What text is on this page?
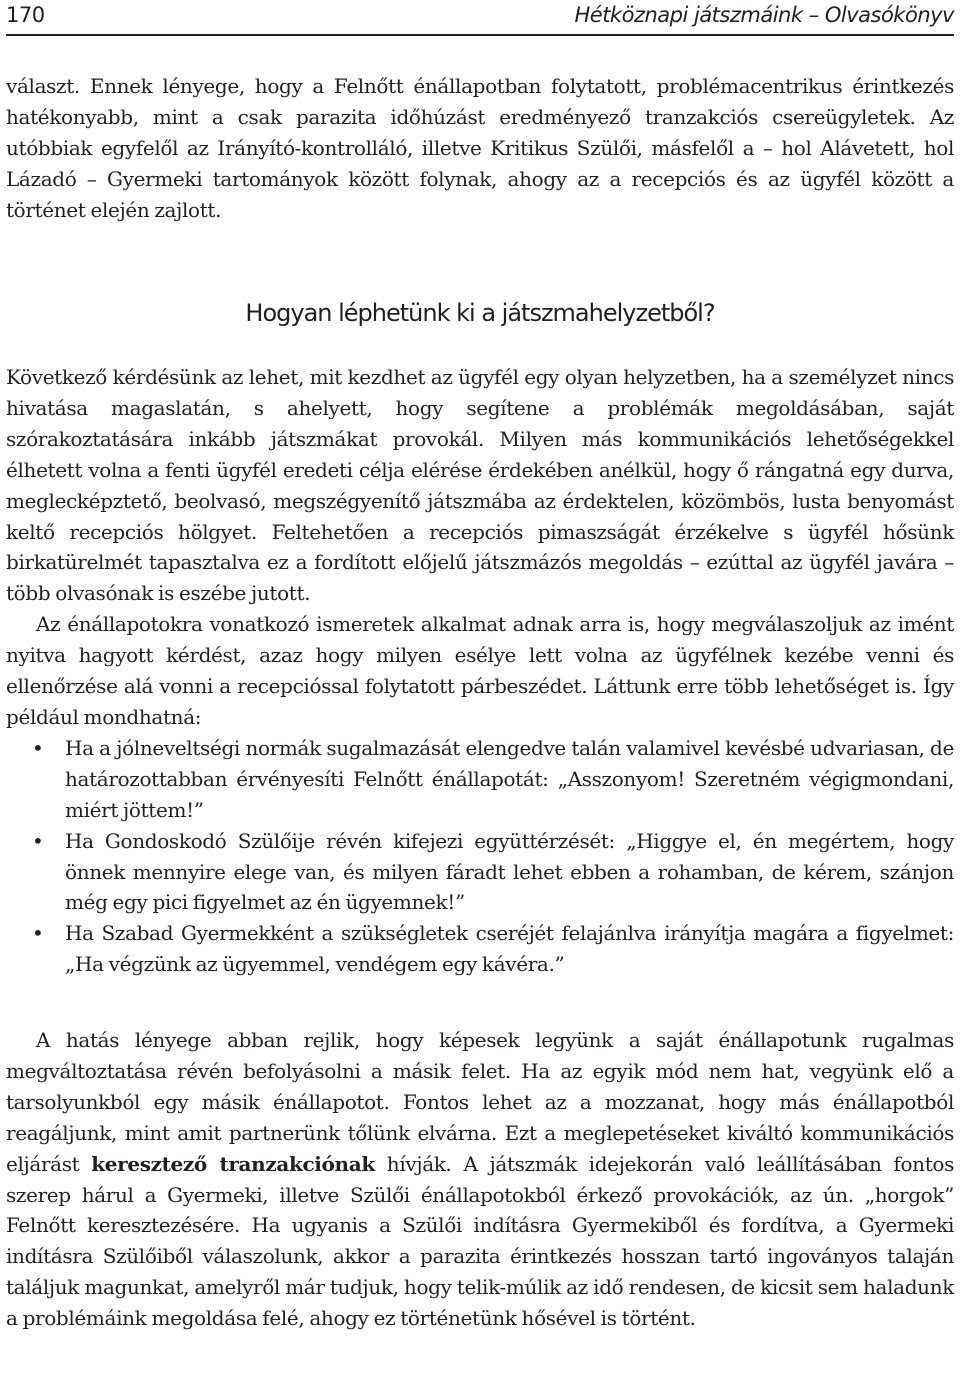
170	Hétköznapi játszmáink – Olvasókönyv

választ. Ennek lényege, hogy a Felnőtt énállapotban folytatott, problémacentrikus érintkezés hatékonyabb, mint a csak parazita időhúzást eredményező tranzakciós csereügyletek. Az utóbbiak egyfelől az Irányító-kontrolláló, illetve Kritikus Szülői, másfelől a – hol Alávetett, hol Lázadó – Gyermeki tartományok között folynak, ahogy az a recepciós és az ügyfél között a történet elején zajlott.

Hogyan léphetünk ki a játszmahelyzetből?

Következő kérdésünk az lehet, mit kezdhet az ügyfél egy olyan helyzetben, ha a személyzet nincs hivatása magaslatán, s ahelyett, hogy segítene a problémák megoldásában, saját szórakoztatására inkább játszmákat provokál. Milyen más kommunikációs lehetőségekkel élhetett volna a fenti ügyfél eredeti célja elérése érdekében anélkül, hogy ő rángatná egy durva, meglecképztető, beolvasó, megszégyenítő játszmába az érdektelen, közömbös, lusta benyomást keltő recepciós hölgyet. Feltehetően a recepciós pimaszságát érzékelve s ügyfél hősünk birkatürelmét tapasztalva ez a fordított előjelű játszmázós megoldás – ezúttal az ügyfél javára – több olvasónak is eszébe jutott.

Az énállapotokra vonatkozó ismeretek alkalmat adnak arra is, hogy megválaszoljuk az imént nyitva hagyott kérdést, azaz hogy milyen esélye lett volna az ügyfélnek kezébe venni és ellenőrzése alá vonni a recepcióssal folytatott párbeszédet. Láttunk erre több lehetőséget is. Így például mondhatná:

• Ha a jólneveltségi normák sugalmazását elengedve talán valamivel kevésbé udvariasan, de határozottabban érvényesíti Felnőtt énállapotát: „Asszonyom! Szeretném végigmondani, miért jöttem!”
• Ha Gondoskodó Szülőije révén kifejezi együttérzését: „Higgye el, én megértem, hogy önnek mennyire elege van, és milyen fáradt lehet ebben a rohamban, de kérem, szánjon még egy pici figyelmet az én ügyemnek!”
• Ha Szabad Gyermekként a szükségletek cseréjét felajánlva irányítja magára a figyelmet: „Ha végzünk az ügyemmel, vendégem egy kávéra.”

A hatás lényege abban rejlik, hogy képesek legyünk a saját énállapotunk rugalmas megváltoztatása révén befolyásolni a másik felet. Ha az egyik mód nem hat, vegyünk elő a tarsolyunkból egy másik énállapotot. Fontos lehet az a mozzanat, hogy más énállapotból reagáljunk, mint amit partnerünk tőlünk elvárna. Ezt a meglepetéseket kiváltó kommunikációs eljárást keresztező tranzakciónak hívják. A játszmák idejekorán való leállításában fontos szerep hárul a Gyermeki, illetve Szülői énállapotokból érkező provokációk, az ún. „horgok” Felnőtt keresztezésére. Ha ugyanis a Szülői indításra Gyermekiből és fordítva, a Gyermeki indításra Szülőiből válaszolunk, akkor a parazita érintkezés hosszan tartó ingoványos talaján találjuk magunkat, amelyről már tudjuk, hogy telik-múlik az idő rendesen, de kicsit sem haladunk a problémáink megoldása felé, ahogy ez történetünk hősével is történt.
